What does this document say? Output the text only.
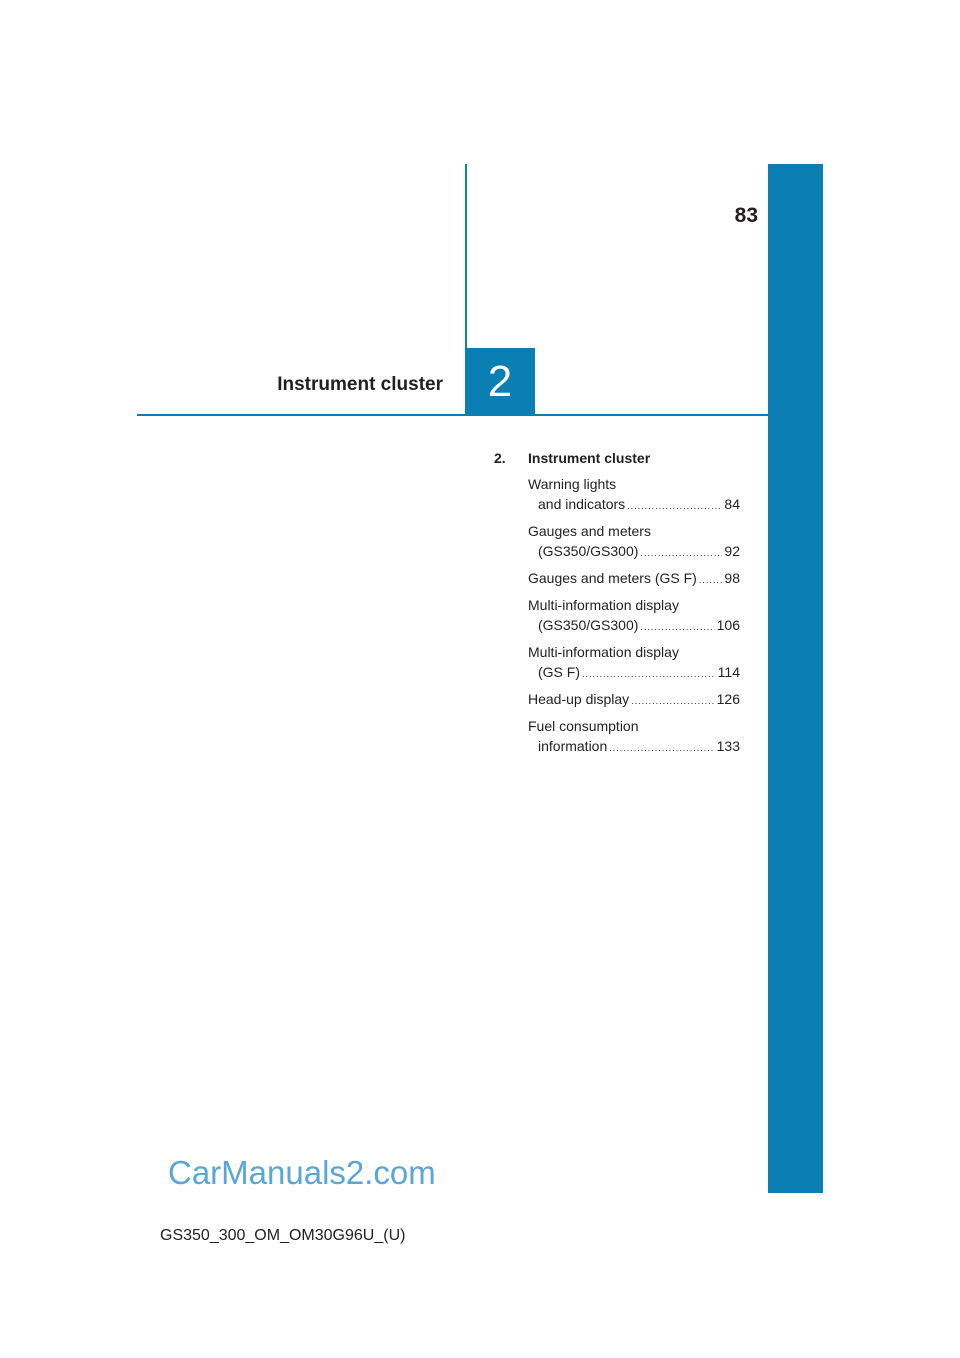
83
Instrument cluster	2
2. Instrument cluster
Warning lights
and indicators .....	84
Gauges and meters
(GS350/GS300) .....	92
Gauges and meters (GS F) ..... 98
Multi-information display
(GS350/GS300) .....	106
Multi-information display
(GS F) .....	114
Head-up display .....	126
Fuel consumption
information .....	133
CarManuals2.com
GS350_300_OM_OM30G96U_(U)
